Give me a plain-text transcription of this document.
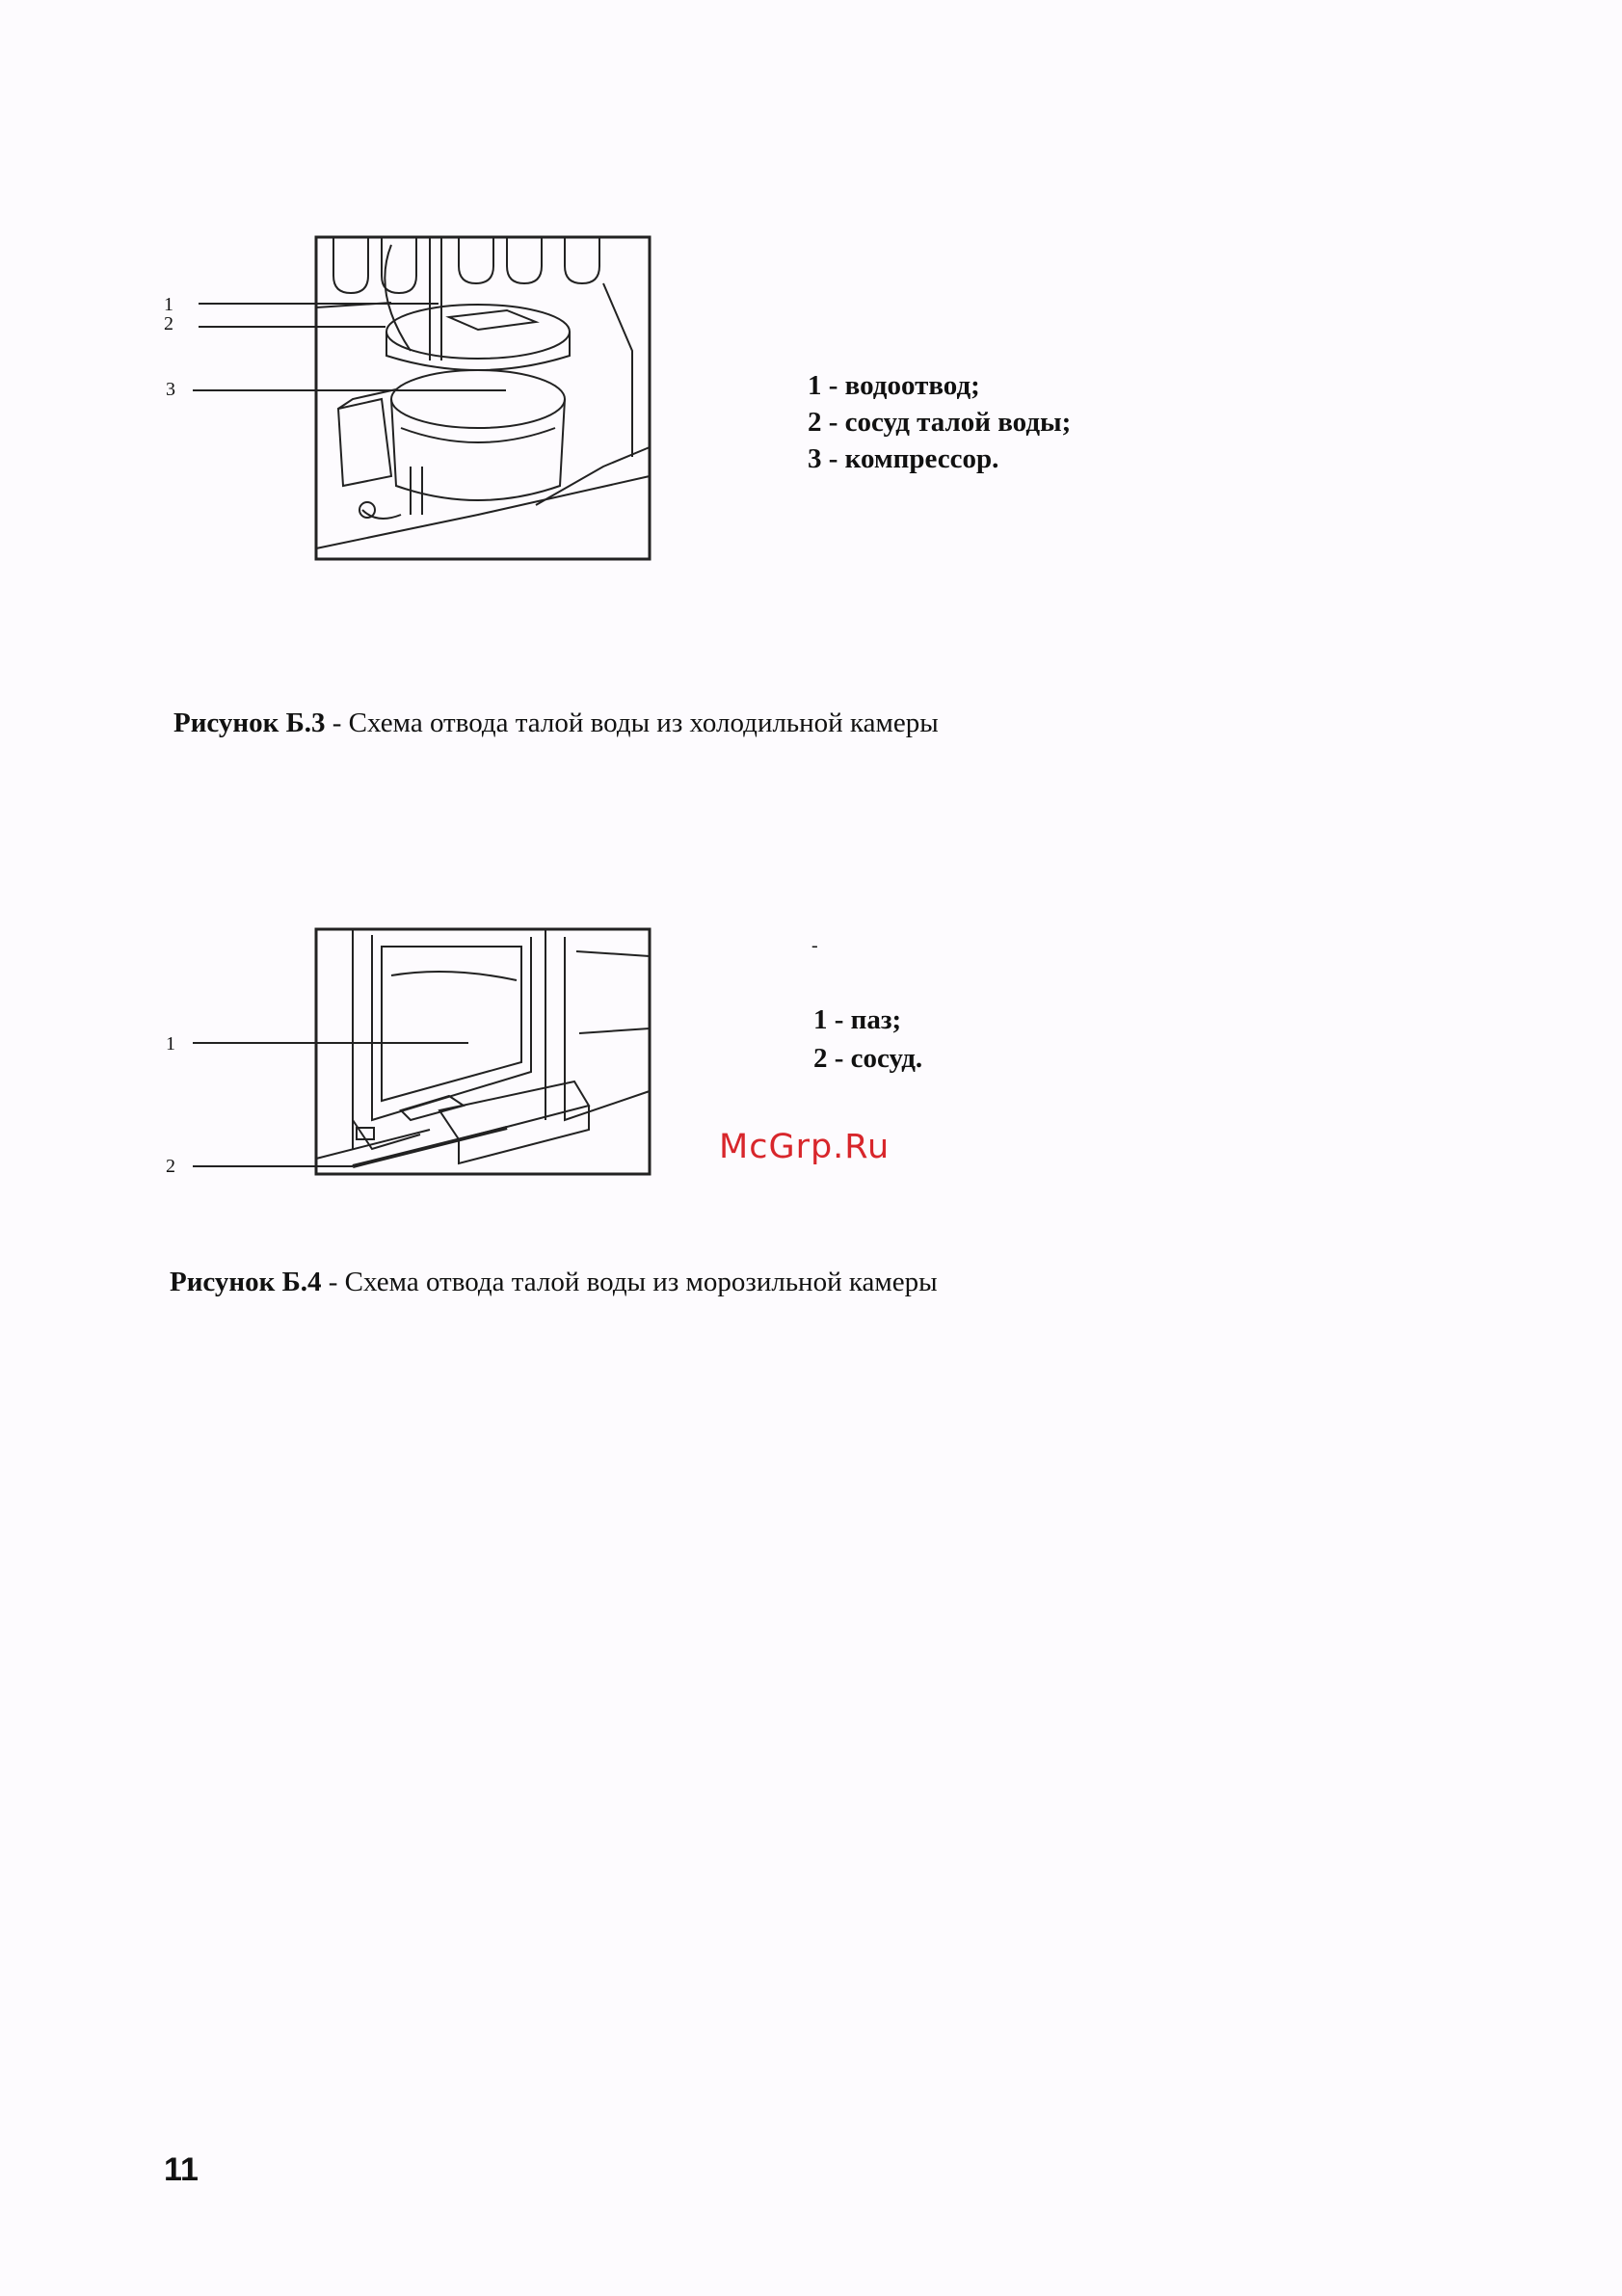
1
2
3	1 - водоотвод;
2 - сосуд талой воды;
3 - компрессор.
Рисунок Б.3 - Схема отвода талой воды из холодильной камеры
1
2
-
1 - паз;
2 - сосуд.
McGrp.Ru
Рисунок Б.4 - Схема отвода талой воды из морозильной камеры
11
